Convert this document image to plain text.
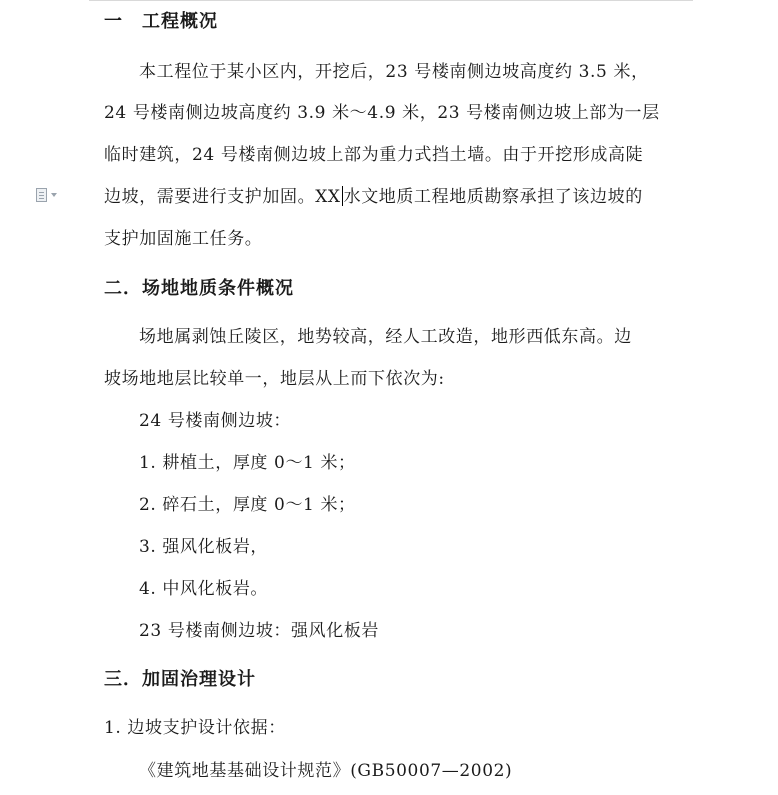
一　工程概况
本工程位于某小区内，开挖后，23 号楼南侧边坡高度约 3.5 米，
24 号楼南侧边坡高度约 3.9 米～4.9 米，23 号楼南侧边坡上部为一层
临时建筑，24 号楼南侧边坡上部为重力式挡土墙。由于开挖形成高陡
边坡，需要进行支护加固。XX 水文地质工程地质勘察承担了该边坡的
支护加固施工任务。
二．场地地质条件概况
场地属剥蚀丘陵区，地势较高，经人工改造，地形西低东高。边
坡场地地层比较单一，地层从上而下依次为:
24 号楼南侧边坡：
1. 耕植土，厚度 0～1 米；
2. 碎石土，厚度 0～1 米；
3. 强风化板岩，
4. 中风化板岩。
23 号楼南侧边坡：强风化板岩
三．加固治理设计
1. 边坡支护设计依据：
《建筑地基基础设计规范》(GB50007—2002)
